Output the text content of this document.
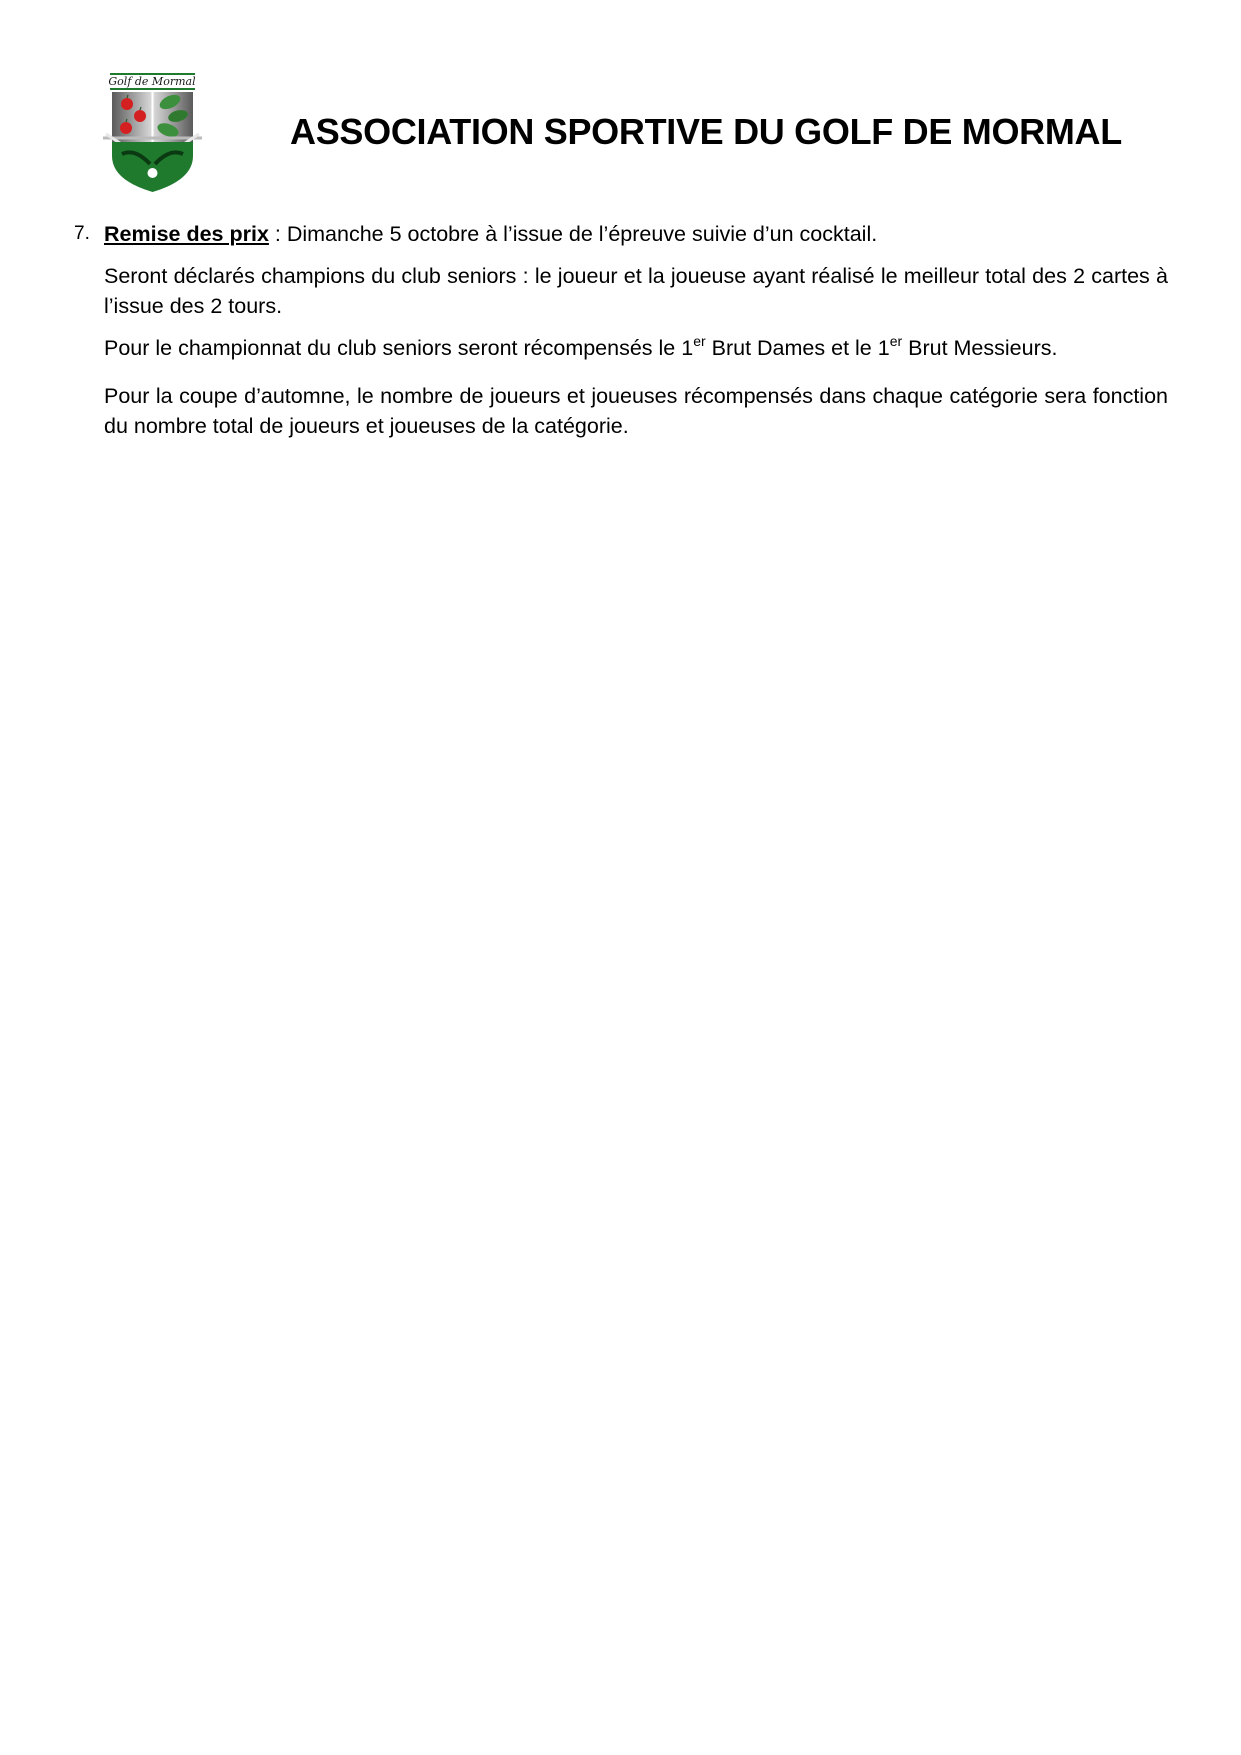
Golf de Mormal
ASSOCIATION SPORTIVE DU GOLF DE MORMAL
7. Remise des prix : Dimanche 5 octobre à l’issue de l’épreuve suivie d’un cocktail.
Seront déclarés champions du club seniors : le joueur et la joueuse ayant réalisé le meilleur total des 2 cartes à l’issue des 2 tours.
Pour le championnat du club seniors seront récompensés le 1er Brut Dames et le 1er Brut Messieurs.
Pour la coupe d’automne, le nombre de joueurs et joueuses récompensés dans chaque catégorie sera fonction du nombre total de joueurs et joueuses de la catégorie.
